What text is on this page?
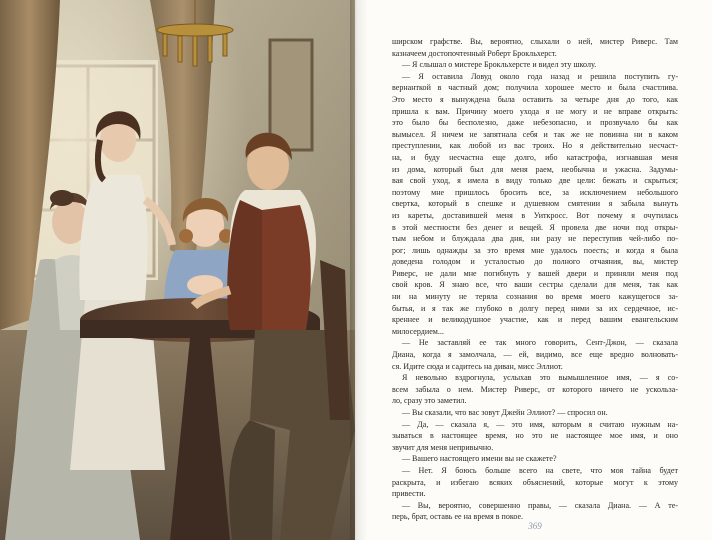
ширском графстве. Вы, вероятно, слыхали о ней, мистер Риверс. Там
казначеем достопочтенный Роберт Брокльхерст.
— Я слышал о мистере Брокльхерсте и видел эту школу.
— Я оставила Ловуд около года назад и решила поступить гу-
вернанткой в частный дом; получила хорошее место и была счастлива.
Это место я вынуждена была оставить за четыре дня до того, как
пришла к вам. Причину моего ухода я не могу и не вправе открыть:
это было бы бесполезно, даже небезопасно, и прозвучало бы как
вымысел. Я ничем не запятнала себя и так же не повинна ни в каком
преступлении, как любой из вас троих. Но я действительно несчаст-
на, и буду несчастна еще долго, ибо катастрофа, изгнавшая меня
из дома, который был для меня раем, необычна и ужасна. Задумы-
вая свой уход, я имела в виду только две цели: бежать и скрыться;
поэтому мне пришлось бросить все, за исключением небольшого
свертка, который в спешке и душевном смятении я забыла вынуть
из кареты, доставившей меня в Уиткросс. Вот почему я очутилась
в этой местности без денег и вещей. Я провела две ночи под откры-
тым небом и блуждала два дня, ни разу не переступив чей-либо по-
рог; лишь однажды за это время мне удалось поесть; и когда я была
доведена голодом и усталостью до полного отчаяния, вы, мистер
Риверс, не дали мне погибнуть у вашей двери и приняли меня под
свой кров. Я знаю все, что ваши сестры сделали для меня, так как
ни на минуту не теряла сознания во время моего кажущегося за-
бытья, и я так же глубоко в долгу перед ними за их сердечное, ис-
креннее и великодушное участие, как и перед вашим евангельским
милосердием...
— Не заставляй ее так много говорить, Сент-Джон, — сказала
Диана, когда я замолчала, — ей, видимо, все еще вредно волновать-
ся. Идите сюда и садитесь на диван, мисс Эллиот.
Я невольно вздрогнула, услыхав это вымышленное имя, — я со-
всем забыла о нем. Мистер Риверс, от которого ничего не ускольза-
ло, сразу это заметил.
— Вы сказали, что вас зовут Джейн Эллиот? — спросил он.
— Да, — сказала я, — это имя, которым я считаю нужным на-
зываться в настоящее время, но это не настоящее мое имя, и оно
звучит для меня непривычно.
— Вашего настоящего имени вы не скажете?
— Нет. Я боюсь больше всего на свете, что моя тайна будет
раскрыта, и избегаю всяких объяснений, которые могут к этому
привести.
— Вы, вероятно, совершенно правы, — сказала Диана. — А те-
перь, брат, оставь ее на время в покое.
369
